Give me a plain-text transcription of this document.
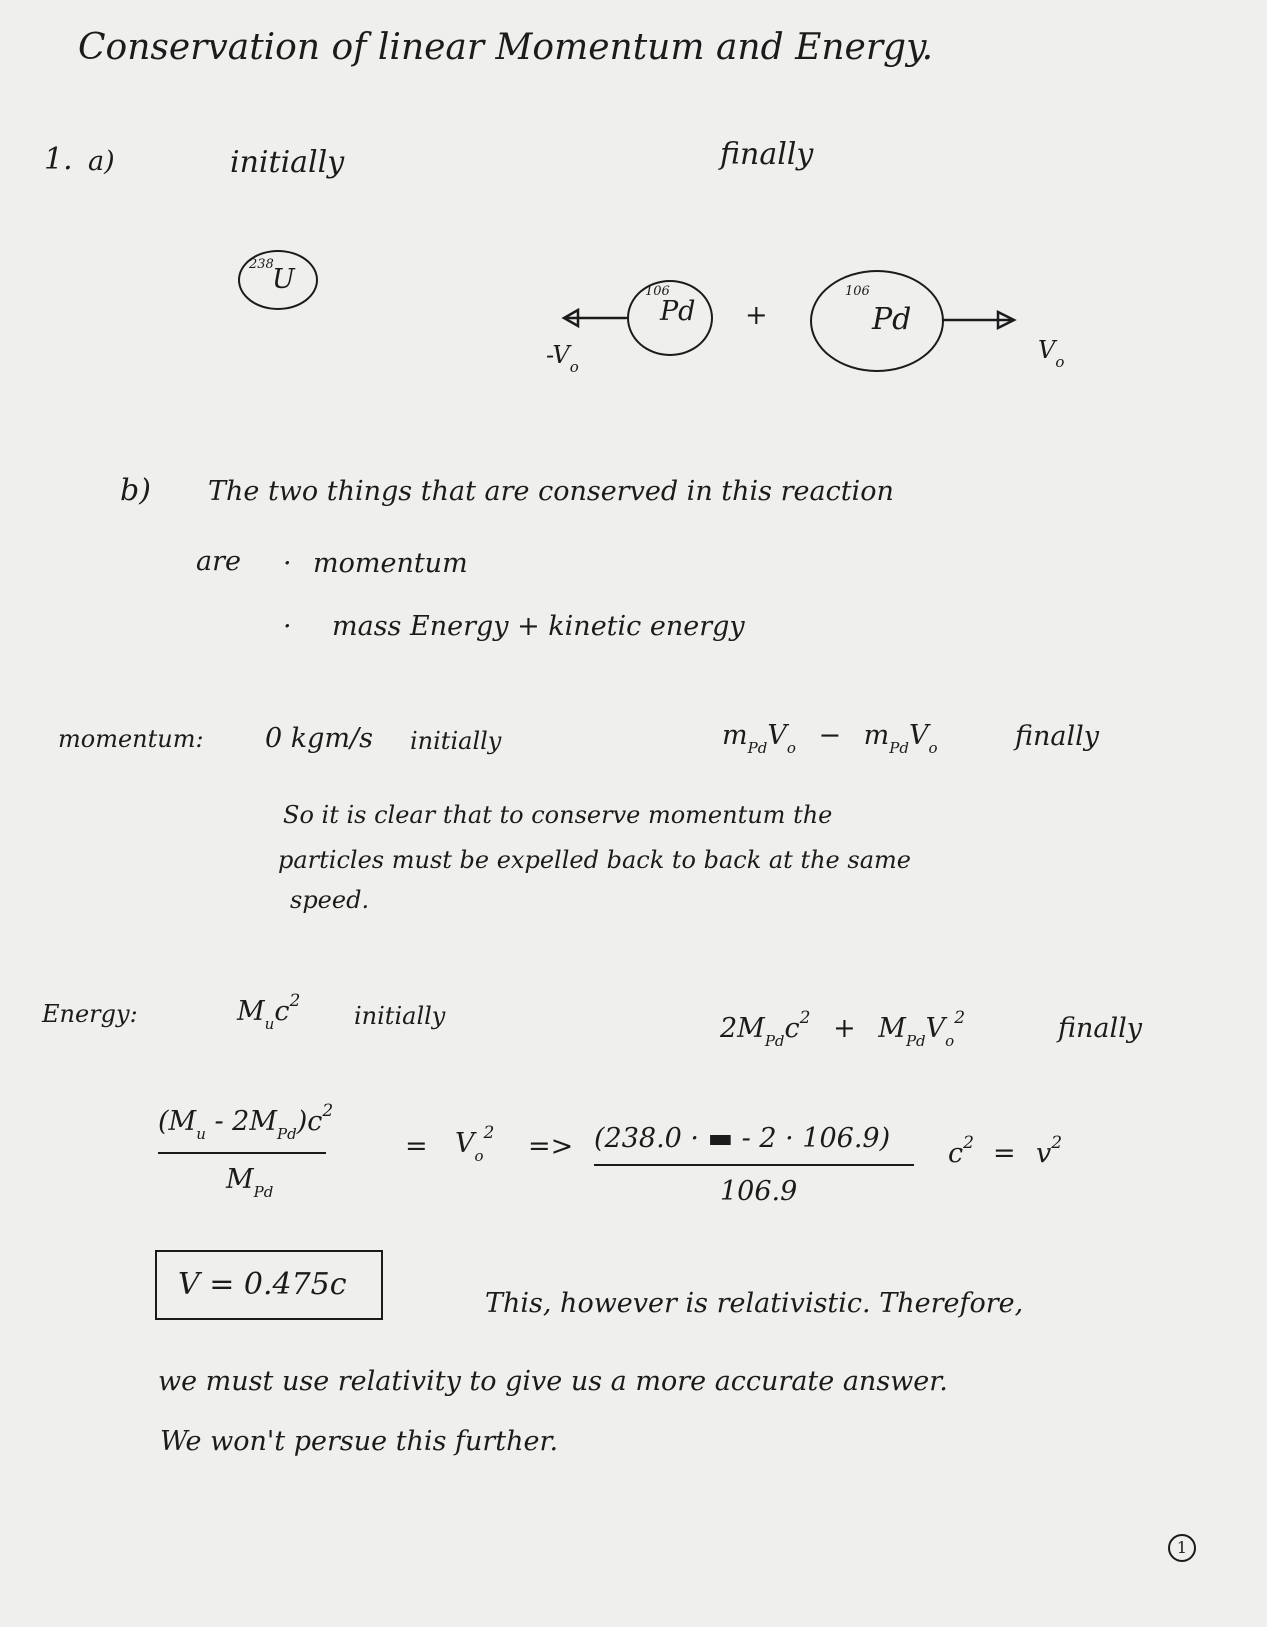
Conservation of linear Momentum and Energy.
1. a)	initially	finally
238
U	106
Pd +
106
Pd
$-V_o$
$V_o$
b) The two things that are conserved in this reaction
are · momentum
· mass Energy + kinetic energy
momentum: 0 kgm/s initially	$m_{Pd}V_o - m_{Pd}V_o$	finally
So it is clear that to conserve momentum the
particles must be expelled back to back at the same
speed.
Energy:	$M_uc^2$
initially	$2M_{Pd}c^2 + M_{Pd}V_o^2$	finally
$(M_u - 2M_{Pd})c^2$
$M_{Pd}$
= $V_o^2 => (238.0$ · ▬ - 2 · 106.9)
106.9
$c^2 = v^2$
V = 0.475c
This, however is relativistic. Therefore,
we must use relativity to give us a more accurate answer.
We won't persue this further.
1
